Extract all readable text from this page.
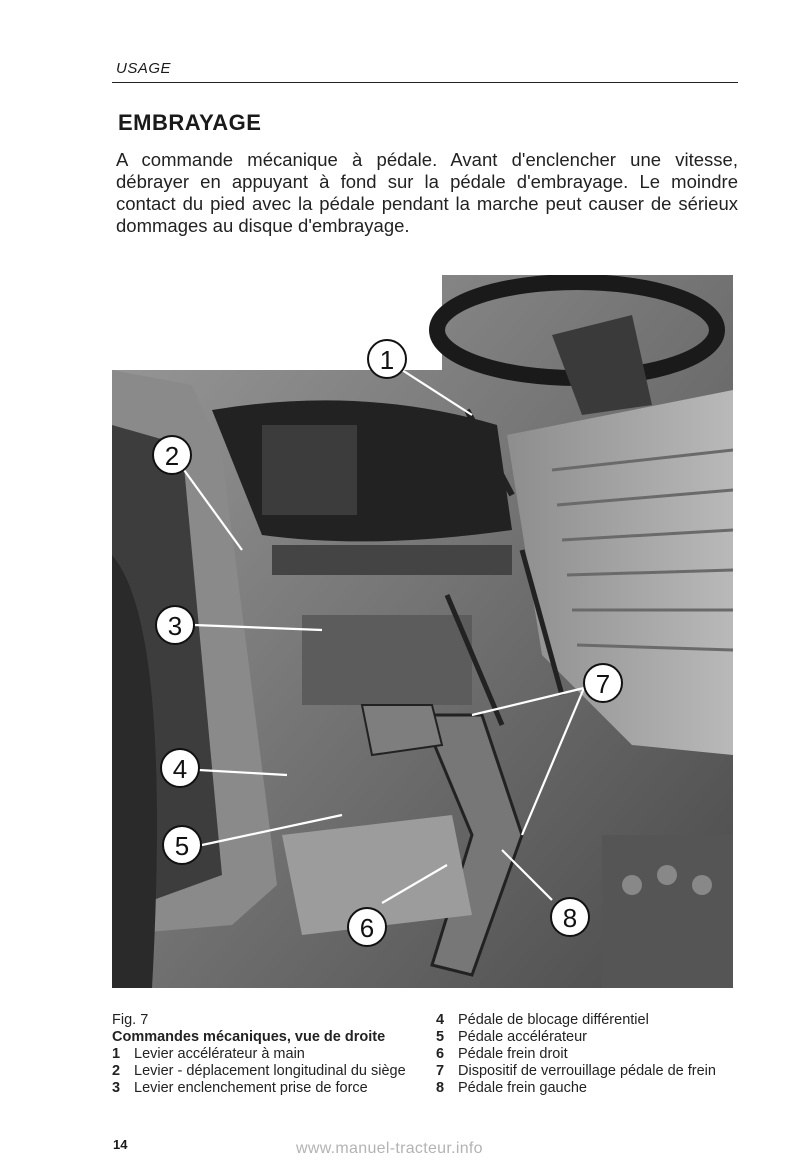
USAGE
EMBRAYAGE
A commande mécanique à pédale. Avant d'enclencher une vitesse, débrayer en appuyant à fond sur la pédale d'embrayage. Le moindre contact du pied avec la pédale pendant la marche peut causer de sérieux dommages au disque d'embrayage.
1
2
3
4
5
6
7
8
Fig. 7
Commandes mécaniques, vue de droite
1 Levier accélérateur à main
2 Levier - déplacement longitudinal du siège
3 Levier enclenchement prise de force
4 Pédale de blocage différentiel
5 Pédale accélérateur
6 Pédale frein droit
7 Dispositif de verrouillage pédale de frein
8 Pédale frein gauche
14	www.manuel-tracteur.info
